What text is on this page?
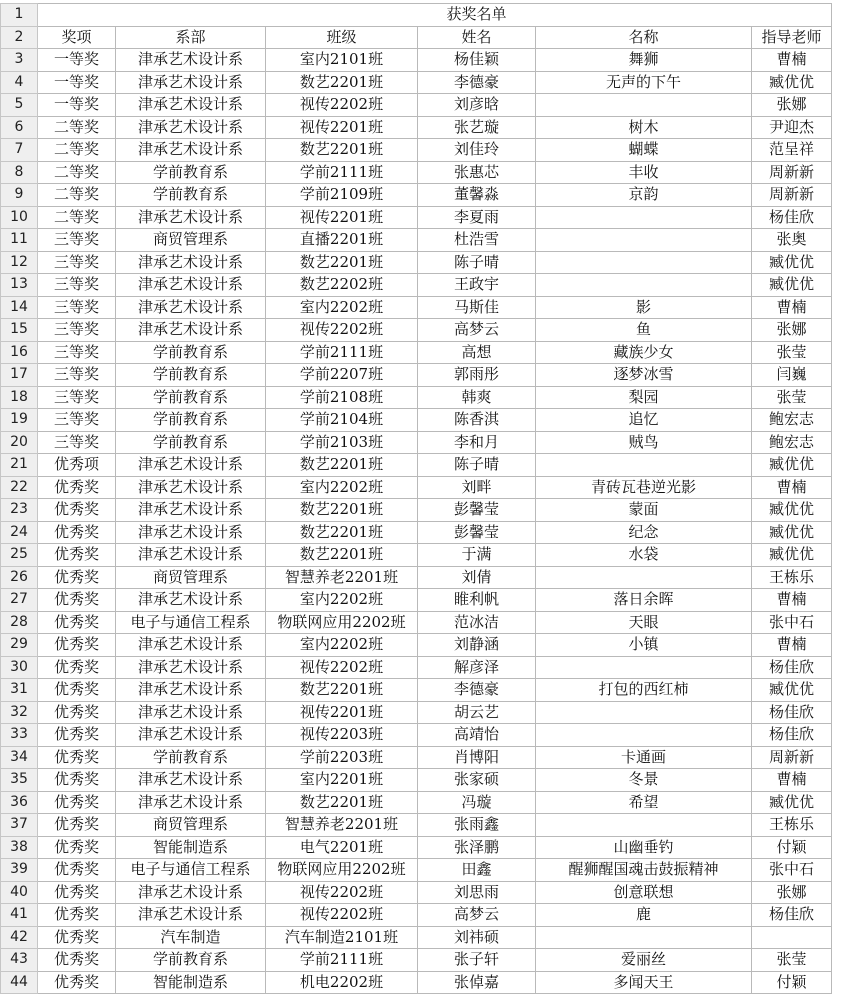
1				获奖名单		
2	奖项	系部	班级	姓名	名称	指导老师
3	一等奖	津承艺术设计系	室内2101班	杨佳颖	舞狮	曹楠
4	一等奖	津承艺术设计系	数艺2201班	李德豪	无声的下午	臧优优
5	一等奖	津承艺术设计系	视传2202班	刘彦晗		张娜
6	二等奖	津承艺术设计系	视传2201班	张艺璇	树木	尹迎杰
7	二等奖	津承艺术设计系	数艺2201班	刘佳玲	蝴蝶	范呈祥
8	二等奖	学前教育系	学前2111班	张惠芯	丰收	周新新
9	二等奖	学前教育系	学前2109班	董馨淼	京韵	周新新
10	二等奖	津承艺术设计系	视传2201班	李夏雨		杨佳欣
11	三等奖	商贸管理系	直播2201班	杜浩雪		张奥
12	三等奖	津承艺术设计系	数艺2201班	陈子晴		臧优优
13	三等奖	津承艺术设计系	数艺2202班	王政宇		臧优优
14	三等奖	津承艺术设计系	室内2202班	马斯佳	影	曹楠
15	三等奖	津承艺术设计系	视传2202班	高梦云	鱼	张娜
16	三等奖	学前教育系	学前2111班	高想	藏族少女	张莹
17	三等奖	学前教育系	学前2207班	郭雨彤	逐梦冰雪	闫巍
18	三等奖	学前教育系	学前2108班	韩爽	梨园	张莹
19	三等奖	学前教育系	学前2104班	陈香淇	追忆	鲍宏志
20	三等奖	学前教育系	学前2103班	李和月	贼鸟	鲍宏志
21	优秀项	津承艺术设计系	数艺2201班	陈子晴		臧优优
22	优秀奖	津承艺术设计系	室内2202班	刘畔	青砖瓦巷逆光影	曹楠
23	优秀奖	津承艺术设计系	数艺2201班	彭馨莹	蒙面	臧优优
24	优秀奖	津承艺术设计系	数艺2201班	彭馨莹	纪念	臧优优
25	优秀奖	津承艺术设计系	数艺2201班	于满	水袋	臧优优
26	优秀奖	商贸管理系	智慧养老2201班	刘倩		王栋乐
27	优秀奖	津承艺术设计系	室内2202班	睢利帆	落日余晖	曹楠
28	优秀奖	电子与通信工程系	物联网应用2202班	范冰洁	天眼	张中石
29	优秀奖	津承艺术设计系	室内2202班	刘静涵	小镇	曹楠
30	优秀奖	津承艺术设计系	视传2202班	解彦泽		杨佳欣
31	优秀奖	津承艺术设计系	数艺2201班	李德豪	打包的西红柿	臧优优
32	优秀奖	津承艺术设计系	视传2201班	胡云艺		杨佳欣
33	优秀奖	津承艺术设计系	视传2203班	高靖怡		杨佳欣
34	优秀奖	学前教育系	学前2203班	肖博阳	卡通画	周新新
35	优秀奖	津承艺术设计系	室内2201班	张家硕	冬景	曹楠
36	优秀奖	津承艺术设计系	数艺2201班	冯璇	希望	臧优优
37	优秀奖	商贸管理系	智慧养老2201班	张雨鑫		王栋乐
38	优秀奖	智能制造系	电气2201班	张泽鹏	山幽垂钓	付颖
39	优秀奖	电子与通信工程系	物联网应用2202班	田鑫	醒狮醒国魂击鼓振精神	张中石
40	优秀奖	津承艺术设计系	视传2202班	刘思雨	创意联想	张娜
41	优秀奖	津承艺术设计系	视传2202班	高梦云	鹿	杨佳欣
42	优秀奖	汽车制造	汽车制造2101班	刘祎硕		
43	优秀奖	学前教育系	学前2111班	张子轩	爱丽丝	张莹
44	优秀奖	智能制造系	机电2202班	张倬嘉	多闻天王	付颖
